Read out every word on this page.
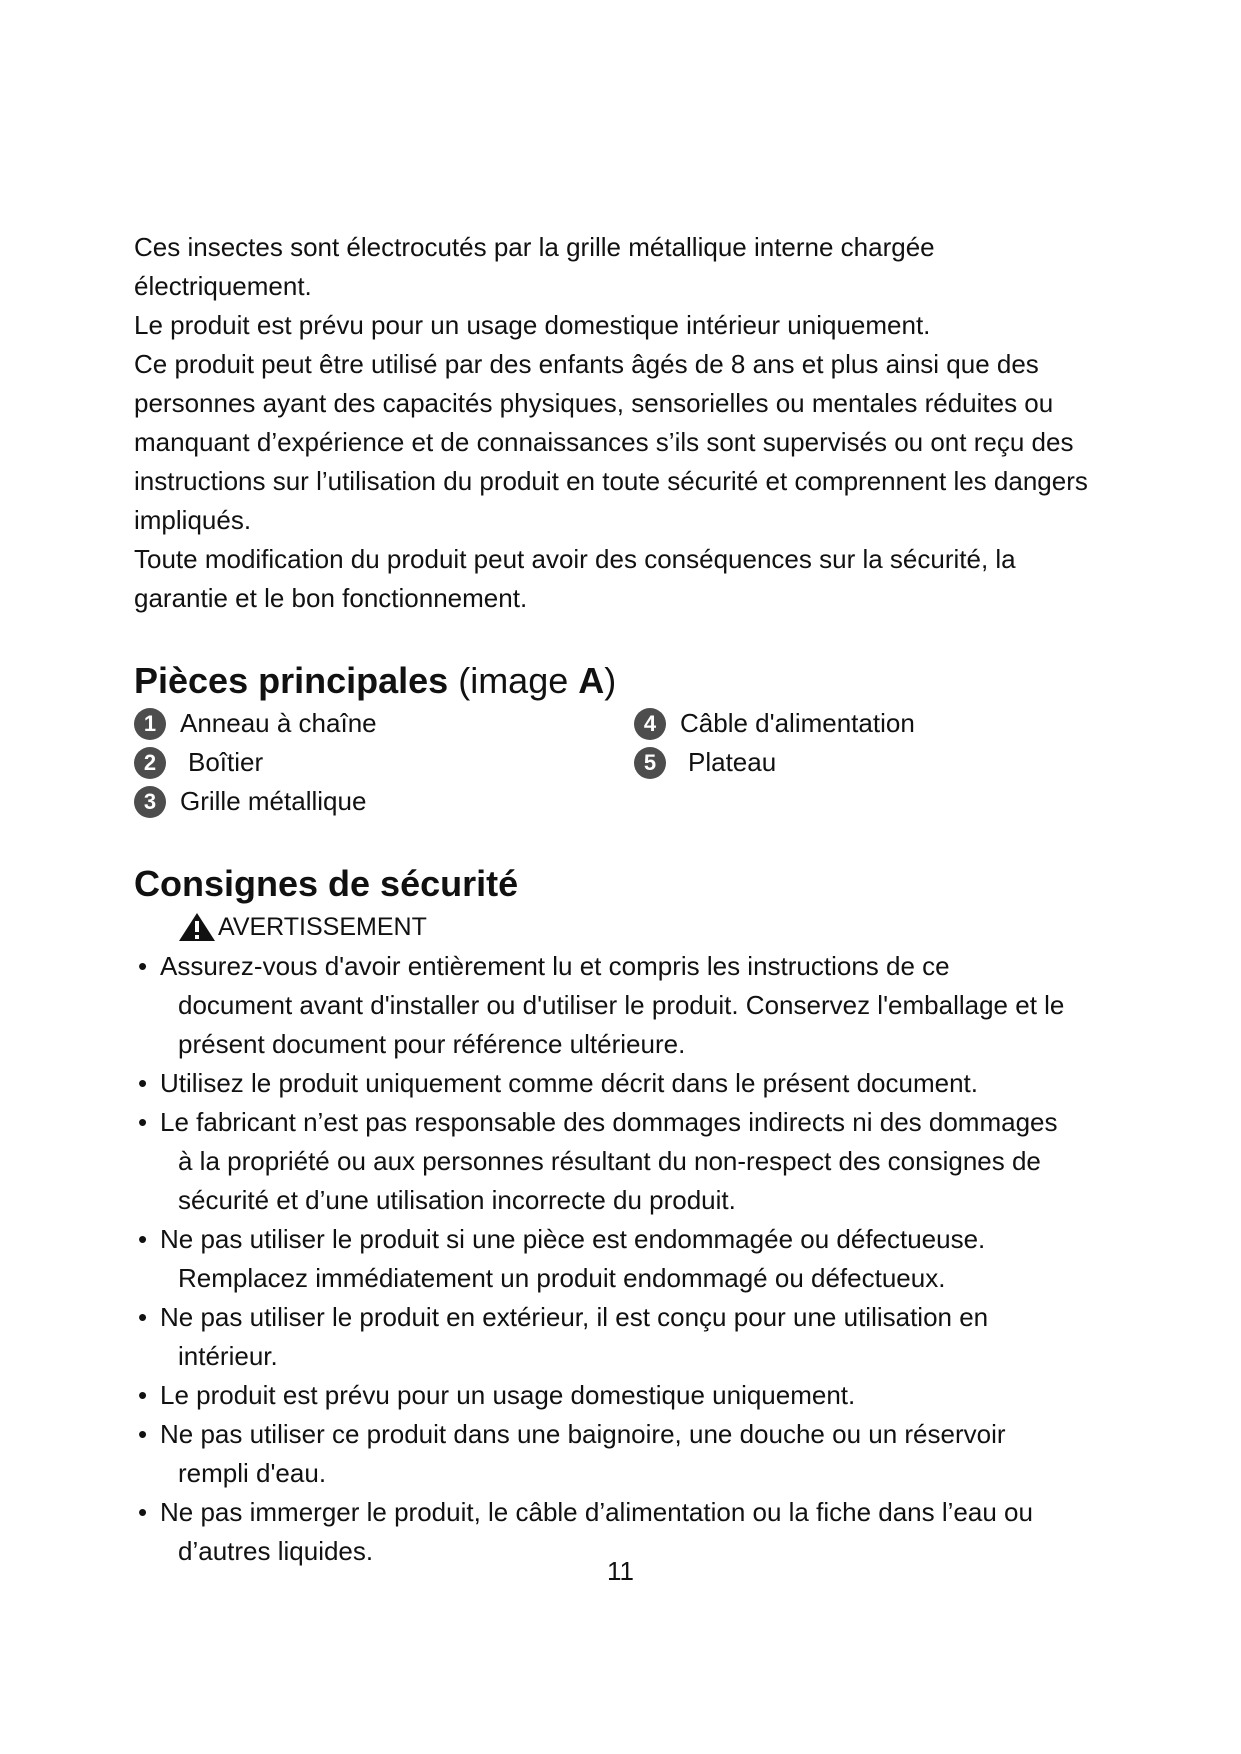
Ces insectes sont électrocutés par la grille métallique interne chargée électriquement.

Le produit est prévu pour un usage domestique intérieur uniquement.

Ce produit peut être utilisé par des enfants âgés de 8 ans et plus ainsi que des personnes ayant des capacités physiques, sensorielles ou mentales réduites ou manquant d’expérience et de connaissances s’ils sont supervisés ou ont reçu des instructions sur l’utilisation du produit en toute sécurité et comprennent les dangers impliqués.

Toute modification du produit peut avoir des conséquences sur la sécurité, la garantie et le bon fonctionnement.

Pièces principales (image A)
1 Anneau à chaîne
2	Boîtier
3 Grille métallique
4 Câble d'alimentation
5	Plateau
Consignes de sécurité
AVERTISSEMENT
• Assurez-vous d'avoir entièrement lu et compris les instructions de ce
document avant d'installer ou d'utiliser le produit. Conservez l'emballage et le présent document pour référence ultérieure.
• Utilisez le produit uniquement comme décrit dans le présent document.
• Le fabricant n’est pas responsable des dommages indirects ni des dommages
à la propriété ou aux personnes résultant du non-respect des consignes de sécurité et d’une utilisation incorrecte du produit.
• Ne pas utiliser le produit si une pièce est endommagée ou défectueuse.
Remplacez immédiatement un produit endommagé ou défectueux.
• Ne pas utiliser le produit en extérieur, il est conçu pour une utilisation en
intérieur.
• Le produit est prévu pour un usage domestique uniquement.
• Ne pas utiliser ce produit dans une baignoire, une douche ou un réservoir
rempli d'eau.
• Ne pas immerger le produit, le câble d’alimentation ou la fiche dans l’eau ou
d’autres liquides.
11
